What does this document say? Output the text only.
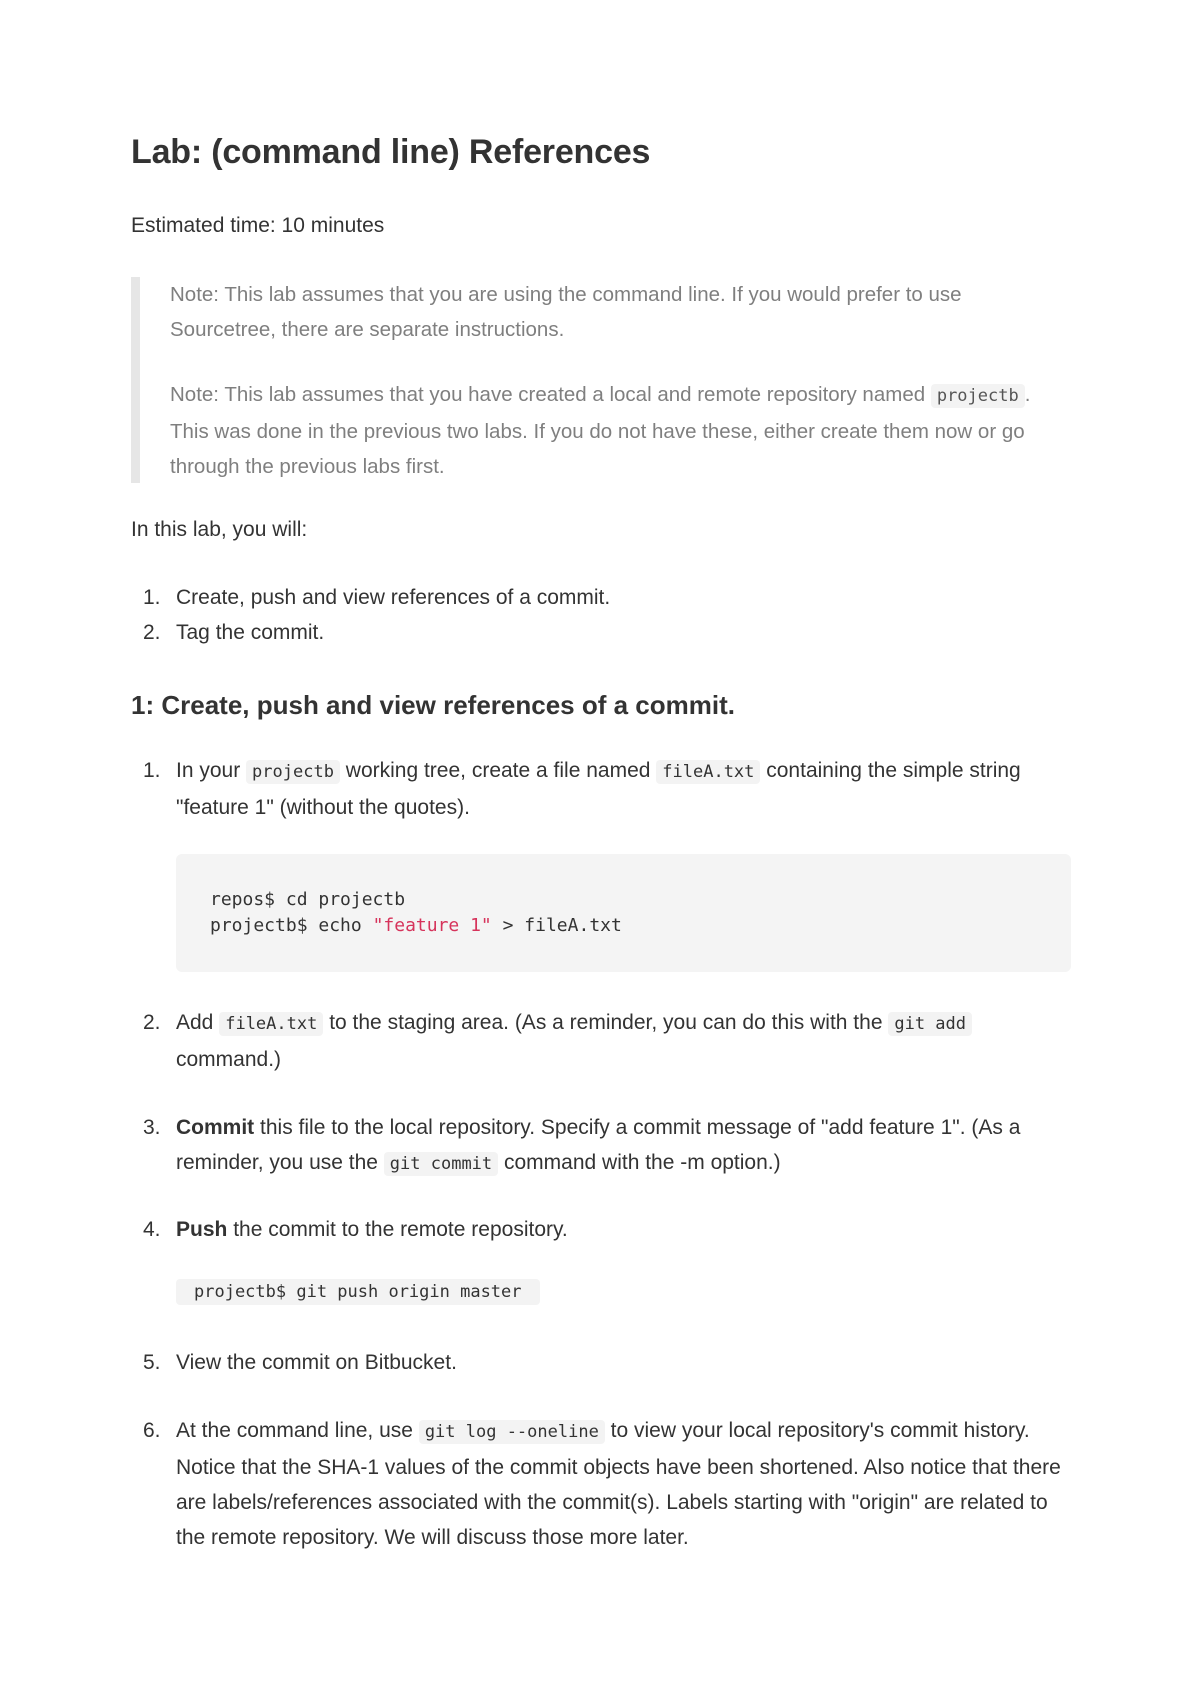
Lab: (command line) References

Estimated time: 10 minutes

Note: This lab assumes that you are using the command line. If you would prefer to use Sourcetree, there are separate instructions.

Note: This lab assumes that you have created a local and remote repository named projectb . This was done in the previous two labs. If you do not have these, either create them now or go through the previous labs first.

In this lab, you will:

1. Create, push and view references of a commit.
2. Tag the commit.
1: Create, push and view references of a commit.
1. In your projectb working tree, create a file named fileA.txt containing the simple string "feature 1" (without the quotes).
repos$ cd projectb
projectb$ echo "feature 1" > fileA.txt
2. Add fileA.txt to the staging area. (As a reminder, you can do this with the git add command.)
3. Commit this file to the local repository. Specify a commit message of "add feature 1". (As a reminder, you use the git commit command with the -m option.)
4. Push the commit to the remote repository.
projectb$ git push origin master
5. View the commit on Bitbucket.
6. At the command line, use git log --oneline to view your local repository's commit history. Notice that the SHA-1 values of the commit objects have been shortened. Also notice that there are labels/references associated with the commit(s). Labels starting with "origin" are related to the remote repository. We will discuss those more later.
